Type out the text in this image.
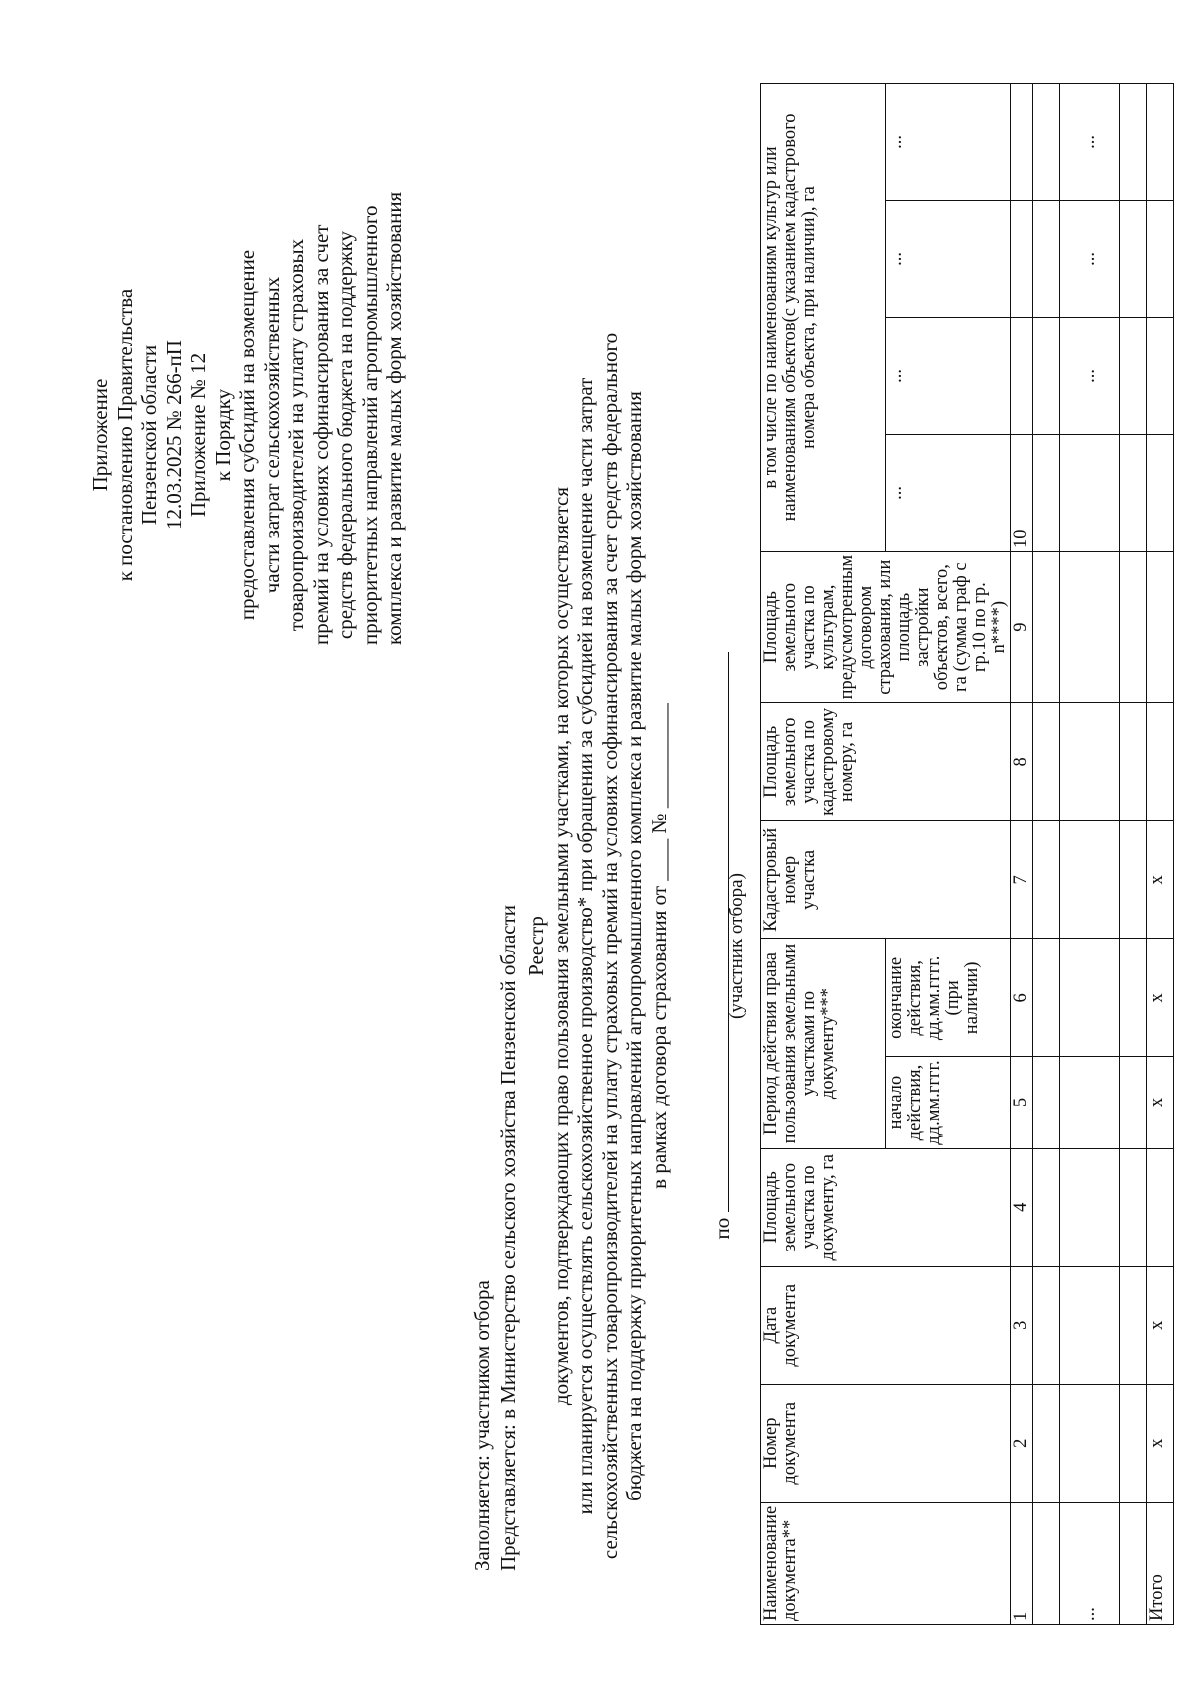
Приложение к постановлению Правительства Пензенской области 12.03.2025 № 266-пП Приложение № 12 к Порядку предоставления субсидий на возмещение части затрат сельскохозяйственных товаропроизводителей на уплату страховых премий на условиях софинансирования за счет средств федерального бюджета на поддержку приоритетных направлений агропромышленного комплекса и развитие малых форм хозяйствования
Заполняется: участником отбора Представляется: в Министерство сельского хозяйства Пензенской области Реестр документов, подтверждающих право пользования земельными участками, на которых осуществляется или планируется осуществлять сельскохозяйственное производство* при обращении за субсидией на возмещение части затрат сельскохозяйственных товаропроизводителей на уплату страховых премий на условиях софинансирования за счет средств федерального бюджета на поддержку приоритетных направлений агропромышленного комплекса и развитие малых форм хозяйствования в рамках договора страхования от ____ № __________
по
(участник отбора)
Наименование документа**	Номер документа	Дата документа	Площадь земельного участка по документу, га	Период действия права пользования земельными участками по документу***		Кадастровый номер участка	Площадь земельного участка по кадастровому номеру, га	Площадь земельного участка по культурам, предусмотренным договором страхования, или площадь застройки объектов, всего, га (сумма граф с гр.10 по гр. n****)	в том числе по наименованиям культур или наименованиям объектов(с указанием кадастрового номера объекта, при наличии), га			
				начало действия, дд.мм.гггг.	окончание действия, дд.мм.гггг. (при наличии)				...	...	...	...
1	2	3	4	5	6	7	8	9	10			

...										...	...	...

Итого	x	x		x	x	x						
